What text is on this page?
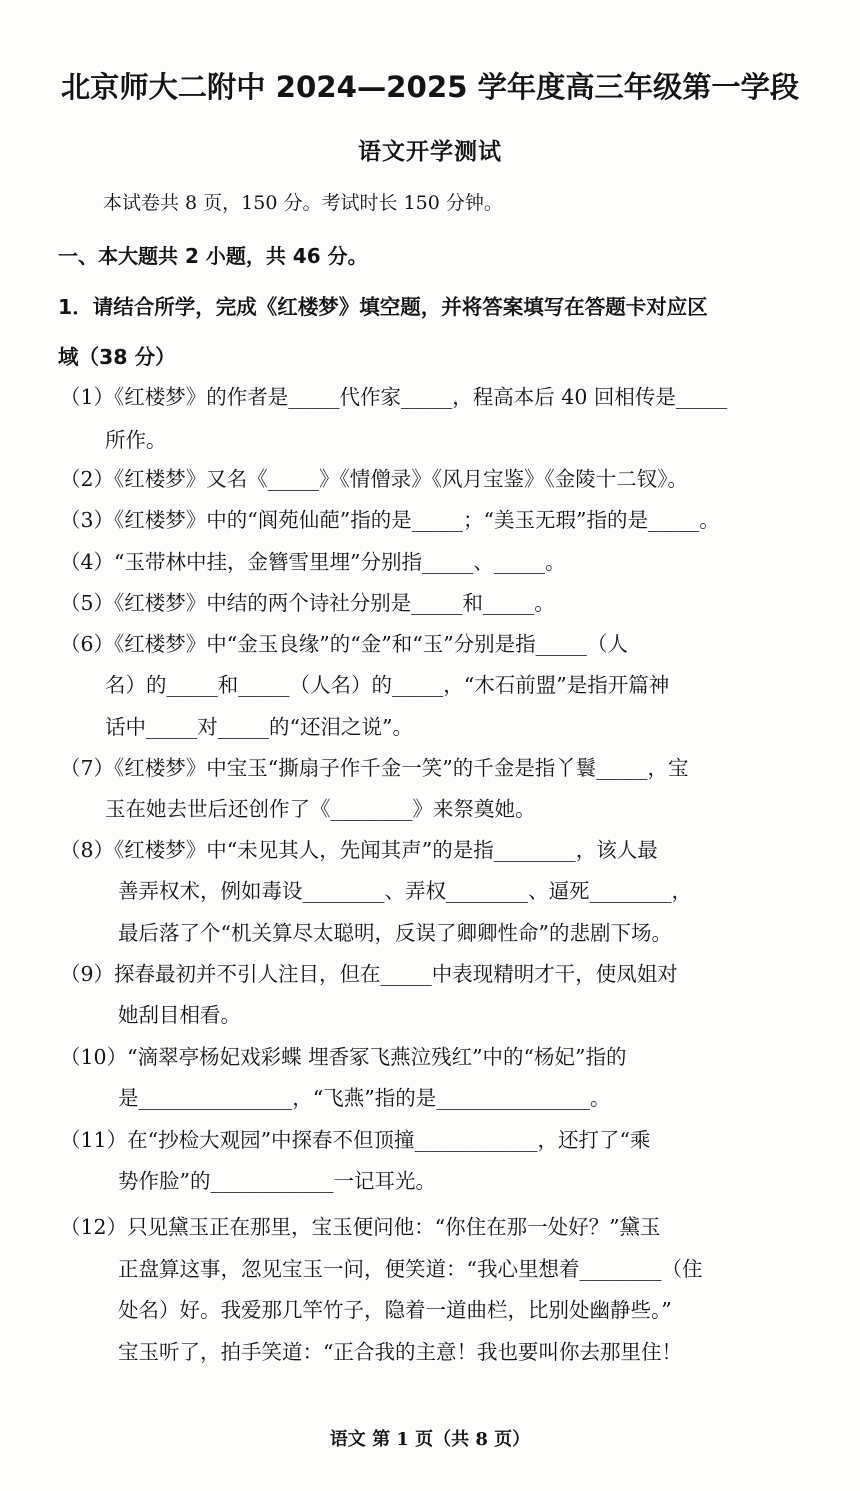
北京师大二附中 2024—2025 学年度高三年级第一学段
语文开学测试
本试卷共 8 页，150 分。考试时长 150 分钟。
一、本大题共 2 小题，共 46 分。
1．请结合所学，完成《红楼梦》填空题，并将答案填写在答题卡对应区
域（38 分）
（1）《红楼梦》的作者是_____代作家_____，程高本后 40 回相传是_____
所作。
（2）《红楼梦》又名《_____》《情僧录》《风月宝鉴》《金陵十二钗》。
（3）《红楼梦》中的“阆苑仙葩”指的是_____；“美玉无瑕”指的是_____。
（4）“玉带林中挂，金簪雪里埋”分别指_____、_____。
（5）《红楼梦》中结的两个诗社分别是_____和_____。
（6）《红楼梦》中“金玉良缘”的“金”和“玉”分别是指_____（人
名）的_____和_____（人名）的_____，“木石前盟”是指开篇神
话中_____对_____的“还泪之说”。
（7）《红楼梦》中宝玉“撕扇子作千金一笑”的千金是指丫鬟_____，宝
玉在她去世后还创作了《________》来祭奠她。
（8）《红楼梦》中“未见其人，先闻其声”的是指________，该人最
善弄权术，例如毒设________、弄权________、逼死________，
最后落了个“机关算尽太聪明，反误了卿卿性命”的悲剧下场。
（9）探春最初并不引人注目，但在_____中表现精明才干，使凤姐对
她刮目相看。
（10）“滴翠亭杨妃戏彩蝶 埋香冢飞燕泣残红”中的“杨妃”指的
是_______________，“飞燕”指的是_______________。
（11）在“抄检大观园”中探春不但顶撞____________，还打了“乘
势作脸”的____________一记耳光。
（12）只见黛玉正在那里，宝玉便问他：“你住在那一处好？”黛玉
正盘算这事，忽见宝玉一问，便笑道：“我心里想着________（住
处名）好。我爱那几竿竹子，隐着一道曲栏，比别处幽静些。”
宝玉听了，拍手笑道：“正合我的主意！我也要叫你去那里住！
语文 第 1 页（共 8 页）
